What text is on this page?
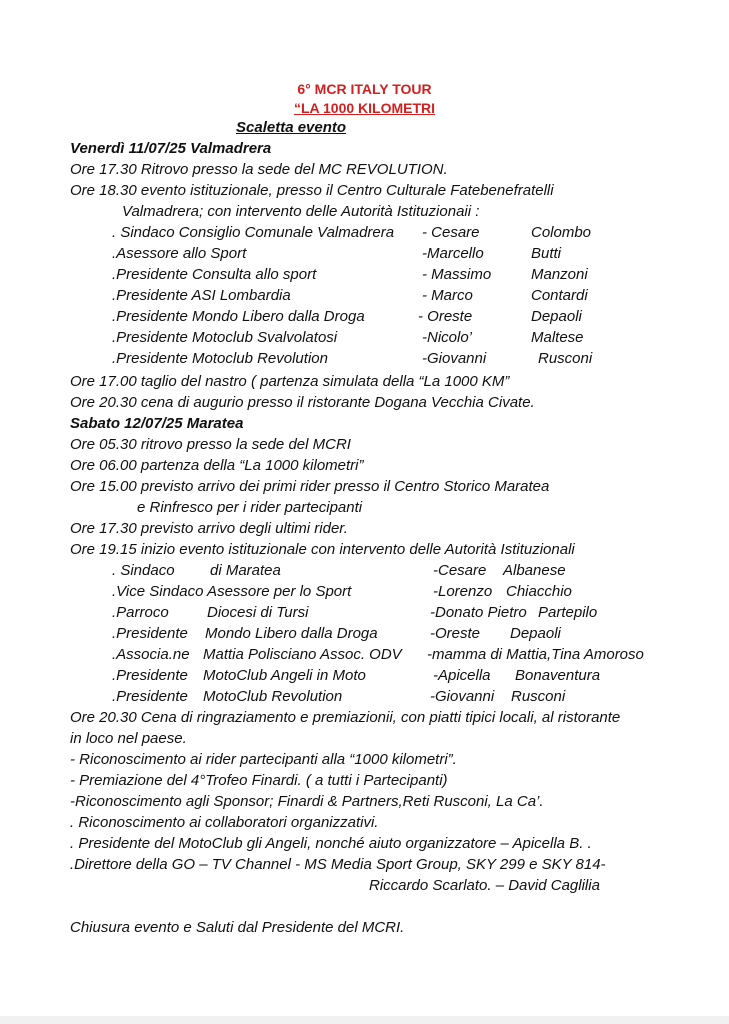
6° MCR ITALY TOUR
“LA 1000 KILOMETRI
Scaletta evento
Venerdì 11/07/25 Valmadrera
Ore 17.30 Ritrovo presso la sede del MC REVOLUTION.
Ore 18.30 evento istituzionale, presso il Centro Culturale Fatebenefratelli
Valmadrera; con intervento delle Autorità Istituzionaii :
. Sindaco Consiglio Comunale Valmadrera - Cesare	Colombo
.Asessore allo Sport	-Marcello	Butti
.Presidente Consulta allo sport	- Massimo	Manzoni
.Presidente ASI Lombardia	- Marco	Contardi
.Presidente Mondo Libero dalla Droga	- Oreste	Depaoli
.Presidente Motoclub Svalvolatosi	-Nicolo’	Maltese
.Presidente Motoclub Revolution	-Giovanni	Rusconi
Ore 17.00 taglio del nastro ( partenza simulata della “La 1000 KM”
Ore 20.30 cena di augurio presso il ristorante Dogana Vecchia Civate.
Sabato 12/07/25 Maratea
Ore 05.30 ritrovo presso la sede del MCRI
Ore 06.00 partenza della “La 1000 kilometri”
Ore 15.00 previsto arrivo dei primi rider presso il Centro Storico Maratea
e Rinfresco per i rider partecipanti
Ore 17.30 previsto arrivo degli ultimi rider.
Ore 19.15 inizio evento istituzionale con intervento delle Autorità Istituzionali
. Sindaco di Maratea	-Cesare Albanese
.Vice Sindaco Asessore per lo Sport	-Lorenzo Chiacchio
.Parroco	Diocesi di Tursi	-Donato Pietro Partepilo
.Presidente Mondo Libero dalla Droga	-Oreste Depaoli
.Associa.ne Mattia Polisciano Assoc. ODV -mamma di Mattia,Tina Amoroso
.Presidente MotoClub Angeli in Moto	-Apicella Bonaventura
.Presidente MotoClub Revolution	-Giovanni Rusconi
Ore 20.30 Cena di ringraziamento e premiazionii, con piatti tipici locali, al ristorante
in loco nel paese.
- Riconoscimento ai rider partecipanti alla “1000 kilometri”.
- Premiazione del 4°Trofeo Finardi. ( a tutti i Partecipanti)
-Riconoscimento agli Sponsor; Finardi & Partners,Reti Rusconi, La Ca’.
. Riconoscimento ai collaboratori organizzativi.
. Presidente del MotoClub gli Angeli, nonché aiuto organizzatore – Apicella B. .
.Direttore della GO – TV Channel - MS Media Sport Group, SKY 299 e SKY 814-
Riccardo Scarlato. – David Caglilia
Chiusura evento e Saluti dal Presidente del MCRI.
